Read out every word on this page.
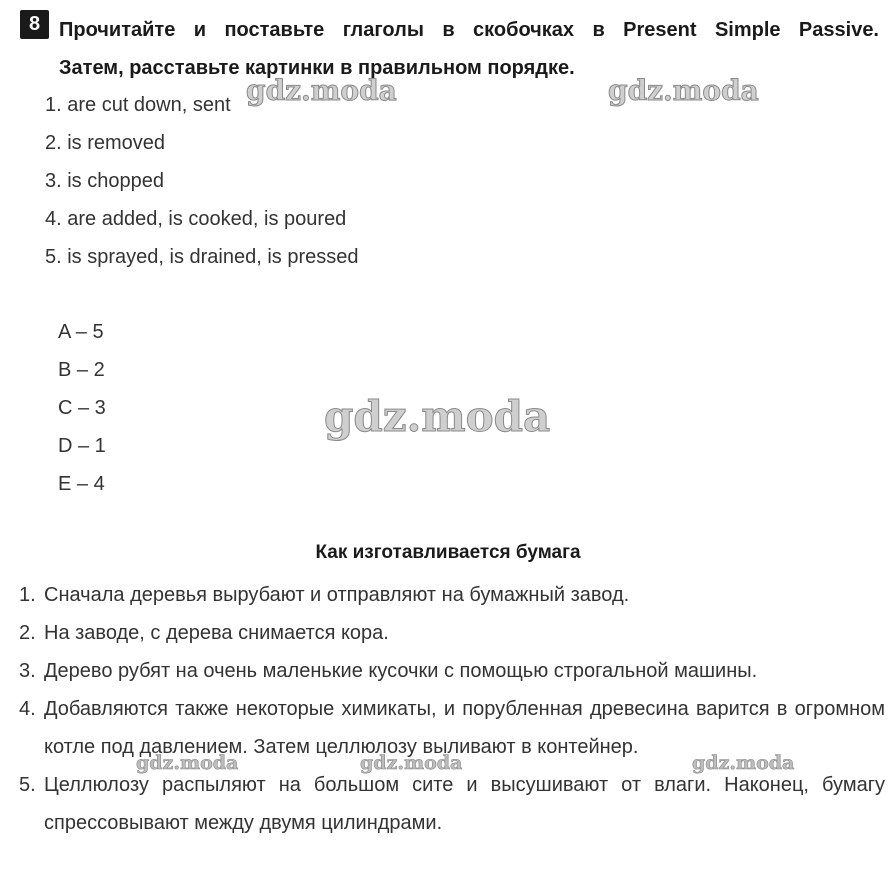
8 Прочитайте и поставьте глаголы в скобочках в Present Simple Passive.
Затем, расставьте картинки в правильном порядке.
1. are cut down, sent
2. is removed
3. is chopped
4. are added, is cooked, is poured
5. is sprayed, is drained, is pressed
A – 5
B – 2
C – 3
D – 1
E – 4
Как изготавливается бумага
1. Сначала деревья вырубают и отправляют на бумажный завод.
2. На заводе, с дерева снимается кора.
3. Дерево рубят на очень маленькие кусочки с помощью строгальной машины.
4. Добавляются также некоторые химикаты, и порубленная древесина варится в огромном котле под давлением. Затем целлюлозу выливают в контейнер.
5. Целлюлозу распыляют на большом сите и высушивают от влаги. Наконец, бумагу спрессовывают между двумя цилиндрами.
gdz.moda	gdz.moda
gdz.moda
gdz.moda	gdz.moda	gdz.moda
